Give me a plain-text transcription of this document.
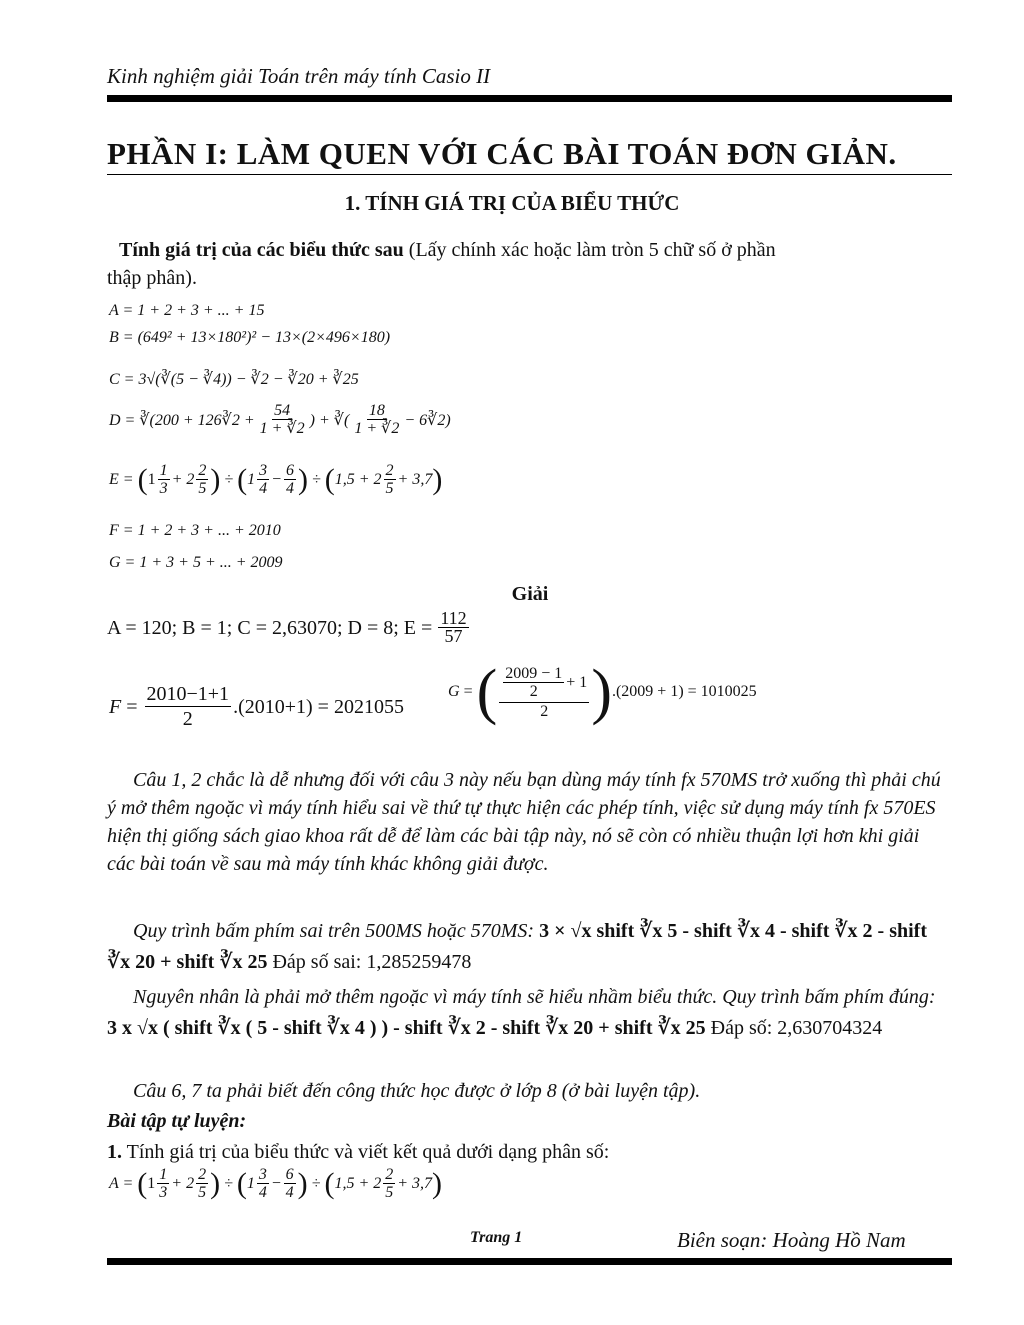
Kinh nghiệm giải Toán trên máy tính Casio II
PHẦN I: LÀM QUEN VỚI CÁC BÀI TOÁN ĐƠN GIẢN.
1. TÍNH GIÁ TRỊ CỦA BIỂU THỨC
Tính giá trị của các biểu thức sau (Lấy chính xác hoặc làm tròn 5 chữ số ở phần
thập phân).
A = 1 + 2 + 3 + ... + 15
B = (649² + 13×180²)² − 13×(2×496×180)
C = 3√(∛(5 − ∛4)) − ∛2 − ∛20 + ∛25
D = ∛(200 + 126∛2 + $\frac{54}{1 + ∛2}$ ) + ∛( $\frac{18}{1 + ∛2}$ − 6∛2)
E = ( $1 \frac{1}{3} + 2 \frac{2}{5}$ ) ÷ ( $1 \frac{3}{4} - \frac{6}{4}$ ) ÷ ( $1,5 + 2 \frac{2}{5} + 3,7$ )
F = 1 + 2 + 3 + ... + 2010
G = 1 + 3 + 5 + ... + 2009
Giải
A = 120; B = 1; C = 2,63070; D = 8; $E = \frac{112}{57}$
$F = \frac{2010-1+1}{2} .(2010+1) = 2021055$
G = ( $\frac{\frac{2009 - 1}{2} + 1}{2}$ ) .(2009 + 1) = 1010025
Câu 1, 2 chắc là dễ nhưng đối với câu 3 này nếu bạn dùng máy tính fx 570MS trở xuống thì phải chú ý mở thêm ngoặc vì máy tính hiểu sai về thứ tự thực hiện các phép tính, việc sử dụng máy tính fx 570ES hiện thị giống sách giao khoa rất dễ để làm các bài tập này, nó sẽ còn có nhiều thuận lợi hơn khi giải các bài toán về sau mà máy tính khác không giải được.
Quy trình bấm phím sai trên 500MS hoặc 570MS: 3 × √x shift ∛x 5 - shift ∛x 4 - shift ∛x 2 - shift ∛x 20 + shift ∛x 25 Đáp số sai: 1,285259478
Nguyên nhân là phải mở thêm ngoặc vì máy tính sẽ hiểu nhầm biểu thức. Quy trình bấm phím đúng: 3 x √x ( shift ∛x ( 5 - shift ∛x 4 ) ) - shift ∛x 2 - shift ∛x 20 + shift ∛x 25 Đáp số: 2,630704324
Câu 6, 7 ta phải biết đến công thức học được ở lớp 8 (ở bài luyện tập).
Bài tập tự luyện:
1. Tính giá trị của biểu thức và viết kết quả dưới dạng phân số:
A = ( $1 \frac{1}{3} + 2 \frac{2}{5}$ ) ÷ ( $1 \frac{3}{4} - \frac{6}{4}$ ) ÷ ( $1,5 + 2 \frac{2}{5} + 3,7$ )
Trang 1	Biên soạn: Hoàng Hồ Nam
